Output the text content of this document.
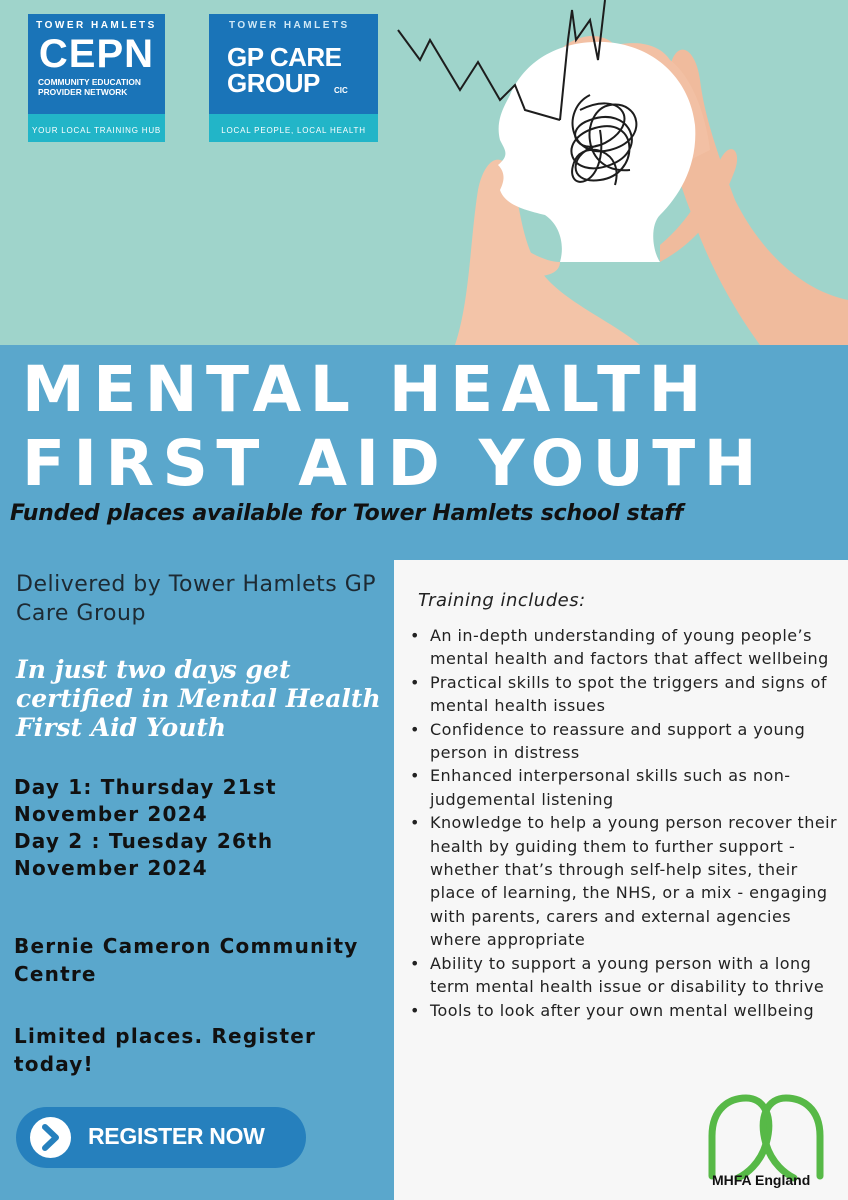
TOWER HAMLETS
CEPN
COMMUNITY EDUCATION
PROVIDER NETWORK
YOUR LOCAL TRAINING HUB
TOWER HAMLETS
GP CARE
GROUP CIC
LOCAL PEOPLE, LOCAL HEALTH
MENTAL HEALTH
FIRST AID YOUTH
Funded places available for Tower Hamlets school staff
Delivered by Tower Hamlets GP Care Group
In just two days get certified in Mental Health First Aid Youth
Day 1: Thursday 21st November 2024
Day 2 : Tuesday 26th November 2024
Bernie Cameron Community Centre
Limited places. Register today!
REGISTER NOW
Training includes:
• An in-depth understanding of young people’s mental health and factors that affect wellbeing
• Practical skills to spot the triggers and signs of mental health issues
• Confidence to reassure and support a young person in distress
• Enhanced interpersonal skills such as non-judgemental listening
• Knowledge to help a young person recover their health by guiding them to further support - whether that’s through self-help sites, their place of learning, the NHS, or a mix - engaging with parents, carers and external agencies where appropriate
• Ability to support a young person with a long term mental health issue or disability to thrive
• Tools to look after your own mental wellbeing
MHFA England
